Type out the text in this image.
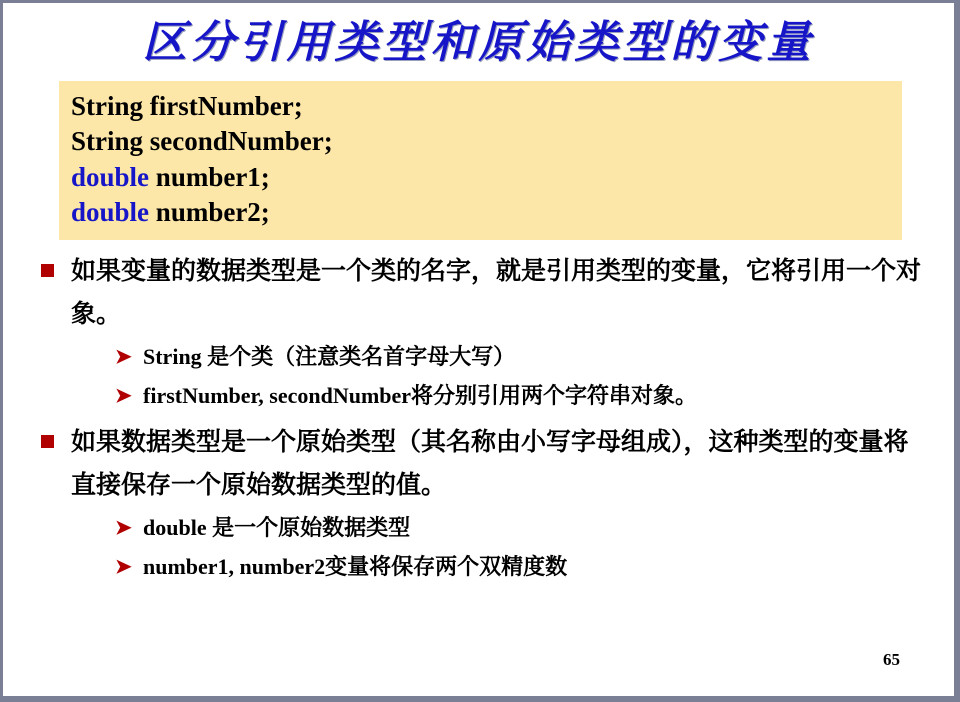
区分引用类型和原始类型的变量
String firstNumber;
String secondNumber;
double number1;
double number2;
如果变量的数据类型是一个类的名字，就是引用类型的变量，它将引用一个对象。
➤ String 是个类（注意类名首字母大写）
➤ firstNumber, secondNumber将分别引用两个字符串对象。
如果数据类型是一个原始类型（其名称由小写字母组成），这种类型的变量将直接保存一个原始数据类型的值。
➤ double 是一个原始数据类型
➤ number1, number2变量将保存两个双精度数
65
